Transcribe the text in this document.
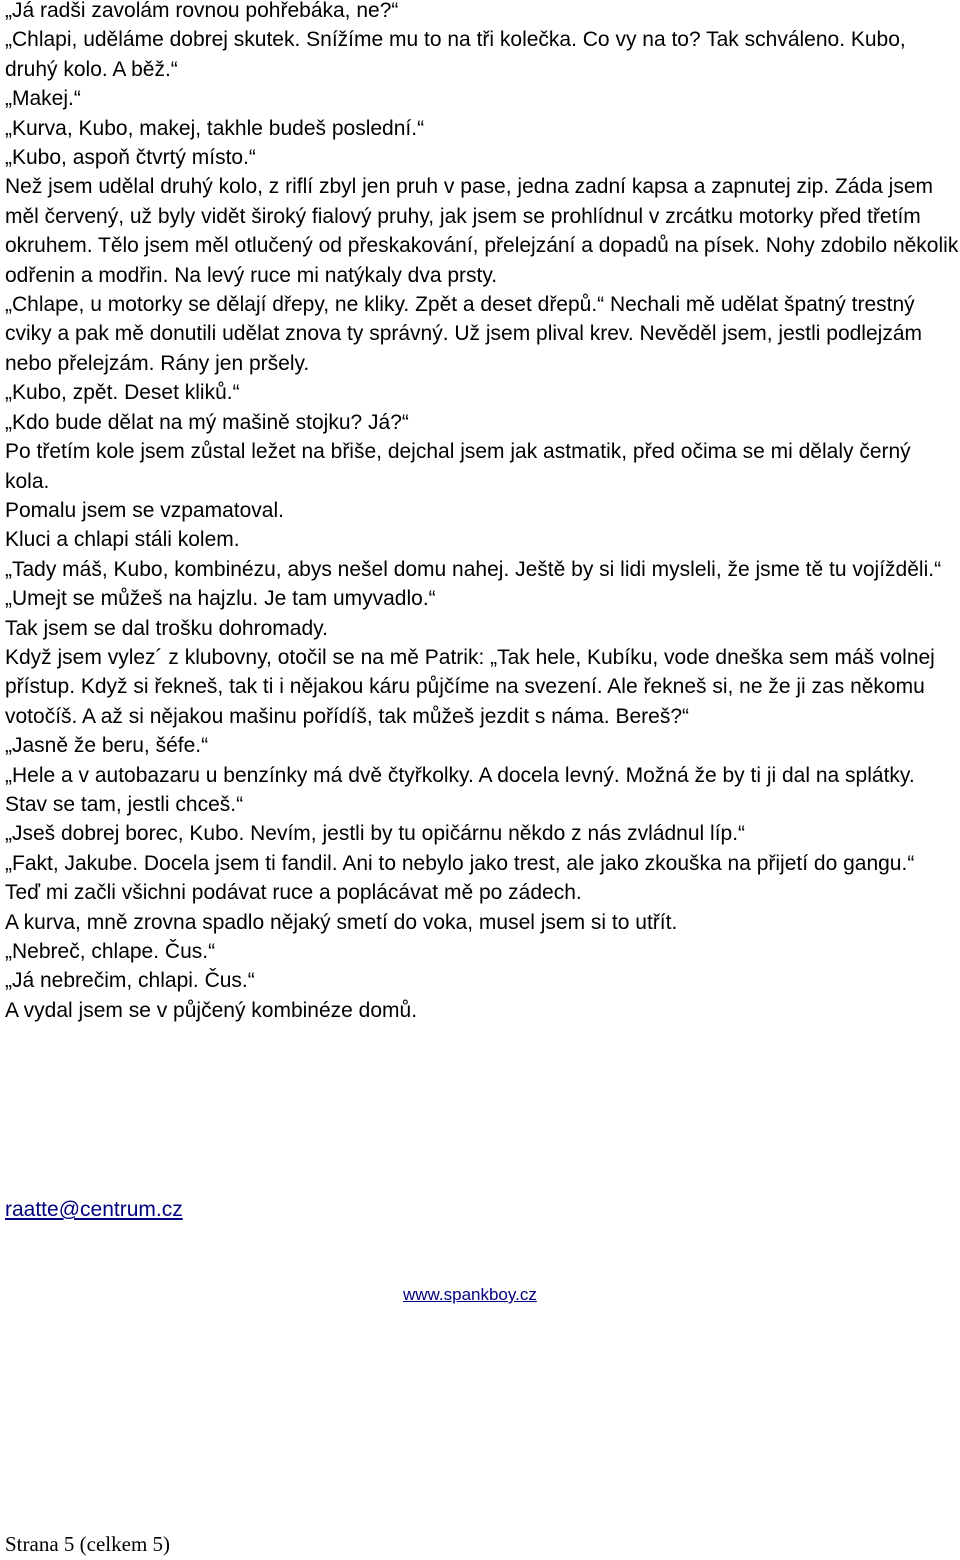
„Já radši zavolám rovnou pohřebáka, ne?“

„Chlapi, uděláme dobrej skutek. Snížíme mu to na tři kolečka. Co vy na to? Tak schváleno. Kubo, druhý kolo. A běž.“

„Makej.“

„Kurva, Kubo, makej, takhle budeš poslední.“

„Kubo, aspoň čtvrtý místo.“

Než jsem udělal druhý kolo, z riflí zbyl jen pruh v pase, jedna zadní kapsa a zapnutej zip. Záda jsem měl červený, už byly vidět široký fialový pruhy, jak jsem se prohlídnul v zrcátku motorky před třetím okruhem. Tělo jsem měl otlučený od přeskakování, přelejzání a dopadů na písek. Nohy zdobilo několik odřenin a modřin. Na levý ruce mi natýkaly dva prsty.

„Chlape, u motorky se dělají dřepy, ne kliky. Zpět a deset dřepů.“ Nechali mě udělat špatný trestný cviky a pak mě donutili udělat znova ty správný. Už jsem plival krev. Nevěděl jsem, jestli podlejzám nebo přelejzám. Rány jen pršely.

„Kubo, zpět. Deset kliků.“

„Kdo bude dělat na mý mašině stojku? Já?“

Po třetím kole jsem zůstal ležet na břiše, dejchal jsem jak astmatik, před očima se mi dělaly černý kola.

Pomalu jsem se vzpamatoval.

Kluci a chlapi stáli kolem.

„Tady máš, Kubo, kombinézu, abys nešel domu nahej. Ještě by si lidi mysleli, že jsme tě tu vojížděli.“

„Umejt se můžeš na hajzlu. Je tam umyvadlo.“

Tak jsem se dal trošku dohromady.

Když jsem vylez´ z klubovny, otočil se na mě Patrik: „Tak hele, Kubíku, vode dneška sem máš volnej přístup. Když si řekneš, tak ti i nějakou káru půjčíme na svezení. Ale řekneš si, ne že ji zas někomu votočíš. A až si nějakou mašinu pořídíš, tak můžeš jezdit s náma. Bereš?“

„Jasně že beru, šéfe.“

„Hele a v autobazaru u benzínky má dvě čtyřkolky. A docela levný. Možná že by ti ji dal na splátky. Stav se tam, jestli chceš.“

„Jseš dobrej borec, Kubo. Nevím, jestli by tu opičárnu někdo z nás zvládnul líp.“

„Fakt, Jakube. Docela jsem ti fandil. Ani to nebylo jako trest, ale jako zkouška na přijetí do gangu.“

Teď mi začli všichni podávat ruce a poplácávat mě po zádech.

A kurva, mně zrovna spadlo nějaký smetí do voka, musel jsem si to utřít.

„Nebreč, chlape. Čus.“

„Já nebrečim, chlapi. Čus.“

A vydal jsem se v půjčený kombinéze domů.

raatte@centrum.cz
www.spankboy.cz
Strana 5 (celkem 5)
